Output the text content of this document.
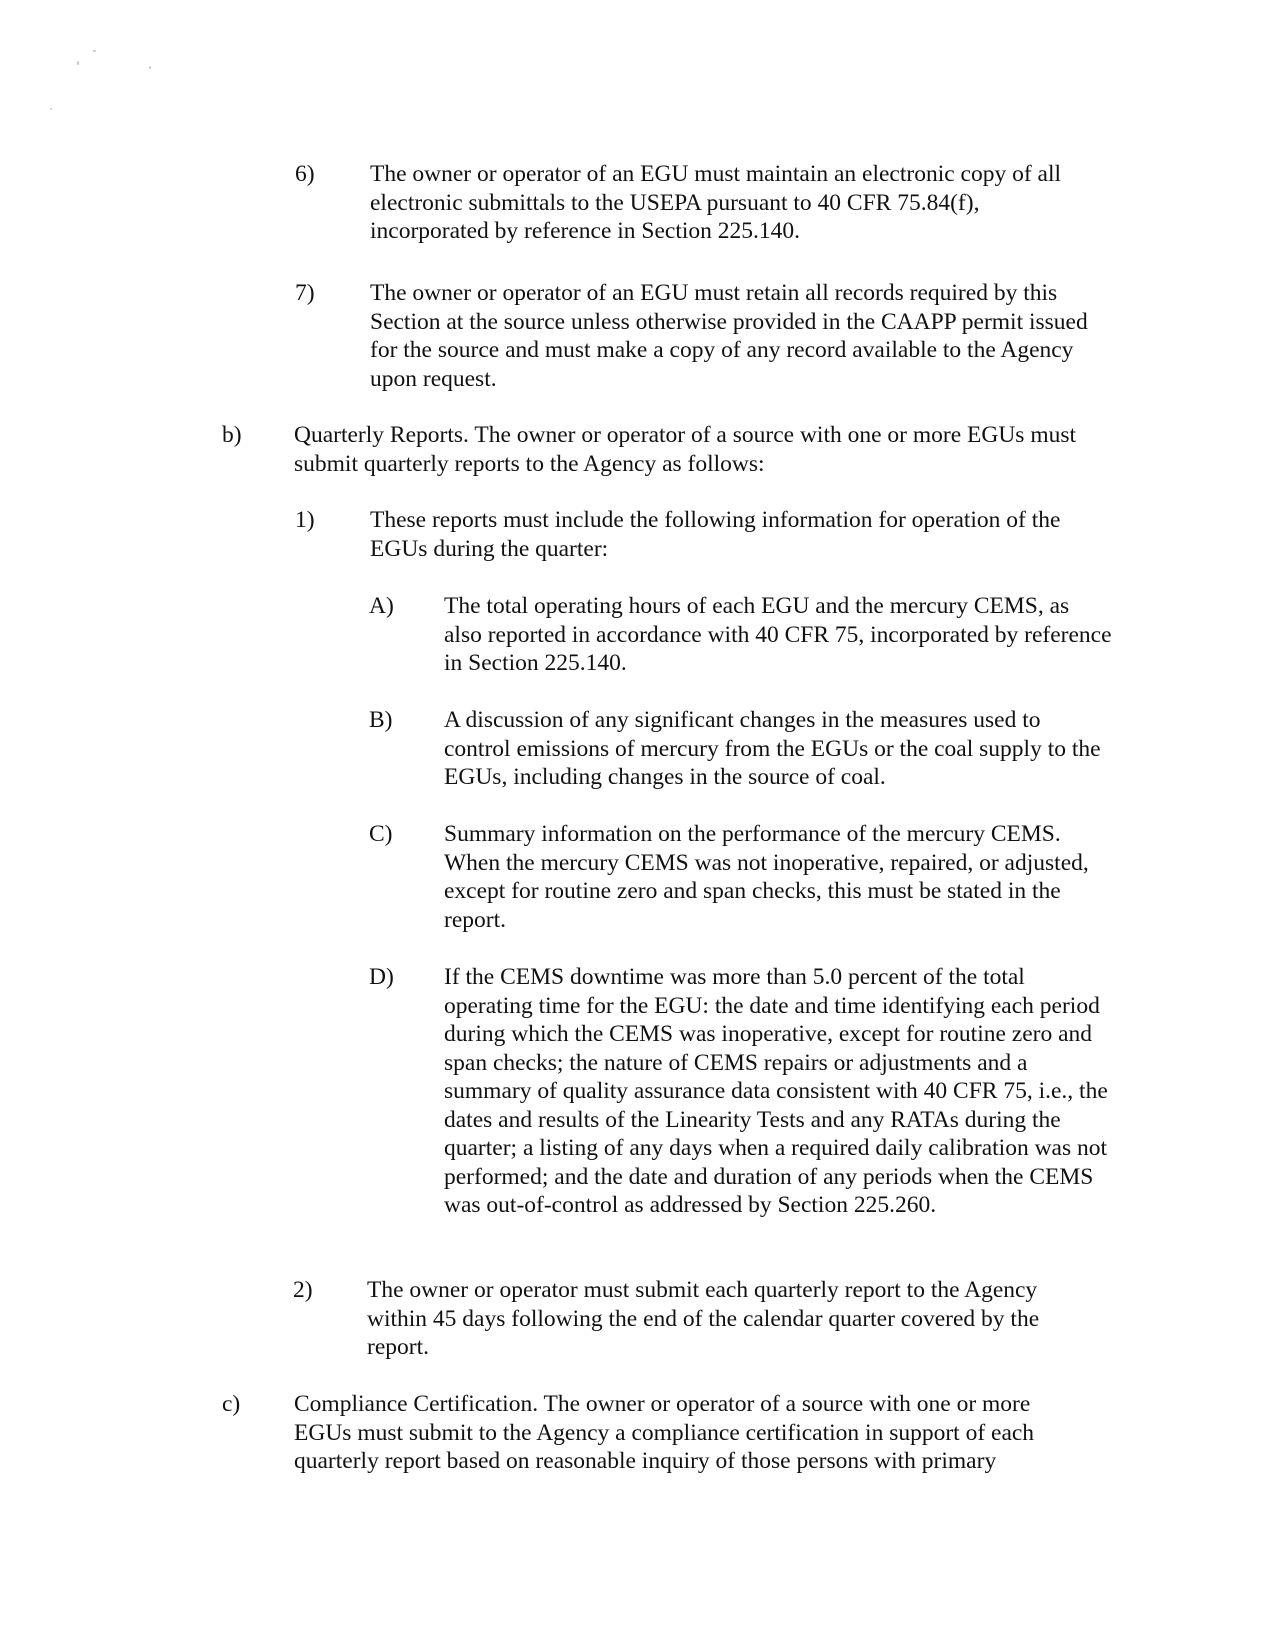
6) The owner or operator of an EGU must maintain an electronic copy of all electronic submittals to the USEPA pursuant to 40 CFR 75.84(f), incorporated by reference in Section 225.140.
7) The owner or operator of an EGU must retain all records required by this Section at the source unless otherwise provided in the CAAPP permit issued for the source and must make a copy of any record available to the Agency upon request.
b) Quarterly Reports. The owner or operator of a source with one or more EGUs must submit quarterly reports to the Agency as follows:
1) These reports must include the following information for operation of the EGUs during the quarter:
A) The total operating hours of each EGU and the mercury CEMS, as also reported in accordance with 40 CFR 75, incorporated by reference in Section 225.140.
B) A discussion of any significant changes in the measures used to control emissions of mercury from the EGUs or the coal supply to the EGUs, including changes in the source of coal.
C) Summary information on the performance of the mercury CEMS. When the mercury CEMS was not inoperative, repaired, or adjusted, except for routine zero and span checks, this must be stated in the report.
D) If the CEMS downtime was more than 5.0 percent of the total operating time for the EGU: the date and time identifying each period during which the CEMS was inoperative, except for routine zero and span checks; the nature of CEMS repairs or adjustments and a summary of quality assurance data consistent with 40 CFR 75, i.e., the dates and results of the Linearity Tests and any RATAs during the quarter; a listing of any days when a required daily calibration was not performed; and the date and duration of any periods when the CEMS was out-of-control as addressed by Section 225.260.
2) The owner or operator must submit each quarterly report to the Agency within 45 days following the end of the calendar quarter covered by the report.
c) Compliance Certification. The owner or operator of a source with one or more EGUs must submit to the Agency a compliance certification in support of each quarterly report based on reasonable inquiry of those persons with primary
